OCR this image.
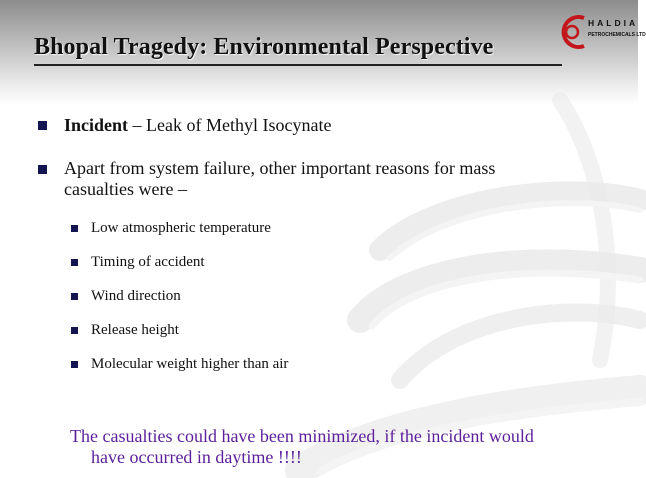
HALDIA
PETROCHEMICALS LTD
Bhopal Tragedy: Environmental Perspective
Incident – Leak of Methyl Isocynate
Apart from system failure, other important reasons for mass
casualties were –
Low atmospheric temperature
Timing of accident
Wind direction
Release height
Molecular weight higher than air
The casualties could have been minimized, if the incident would
have occurred in daytime !!!!
